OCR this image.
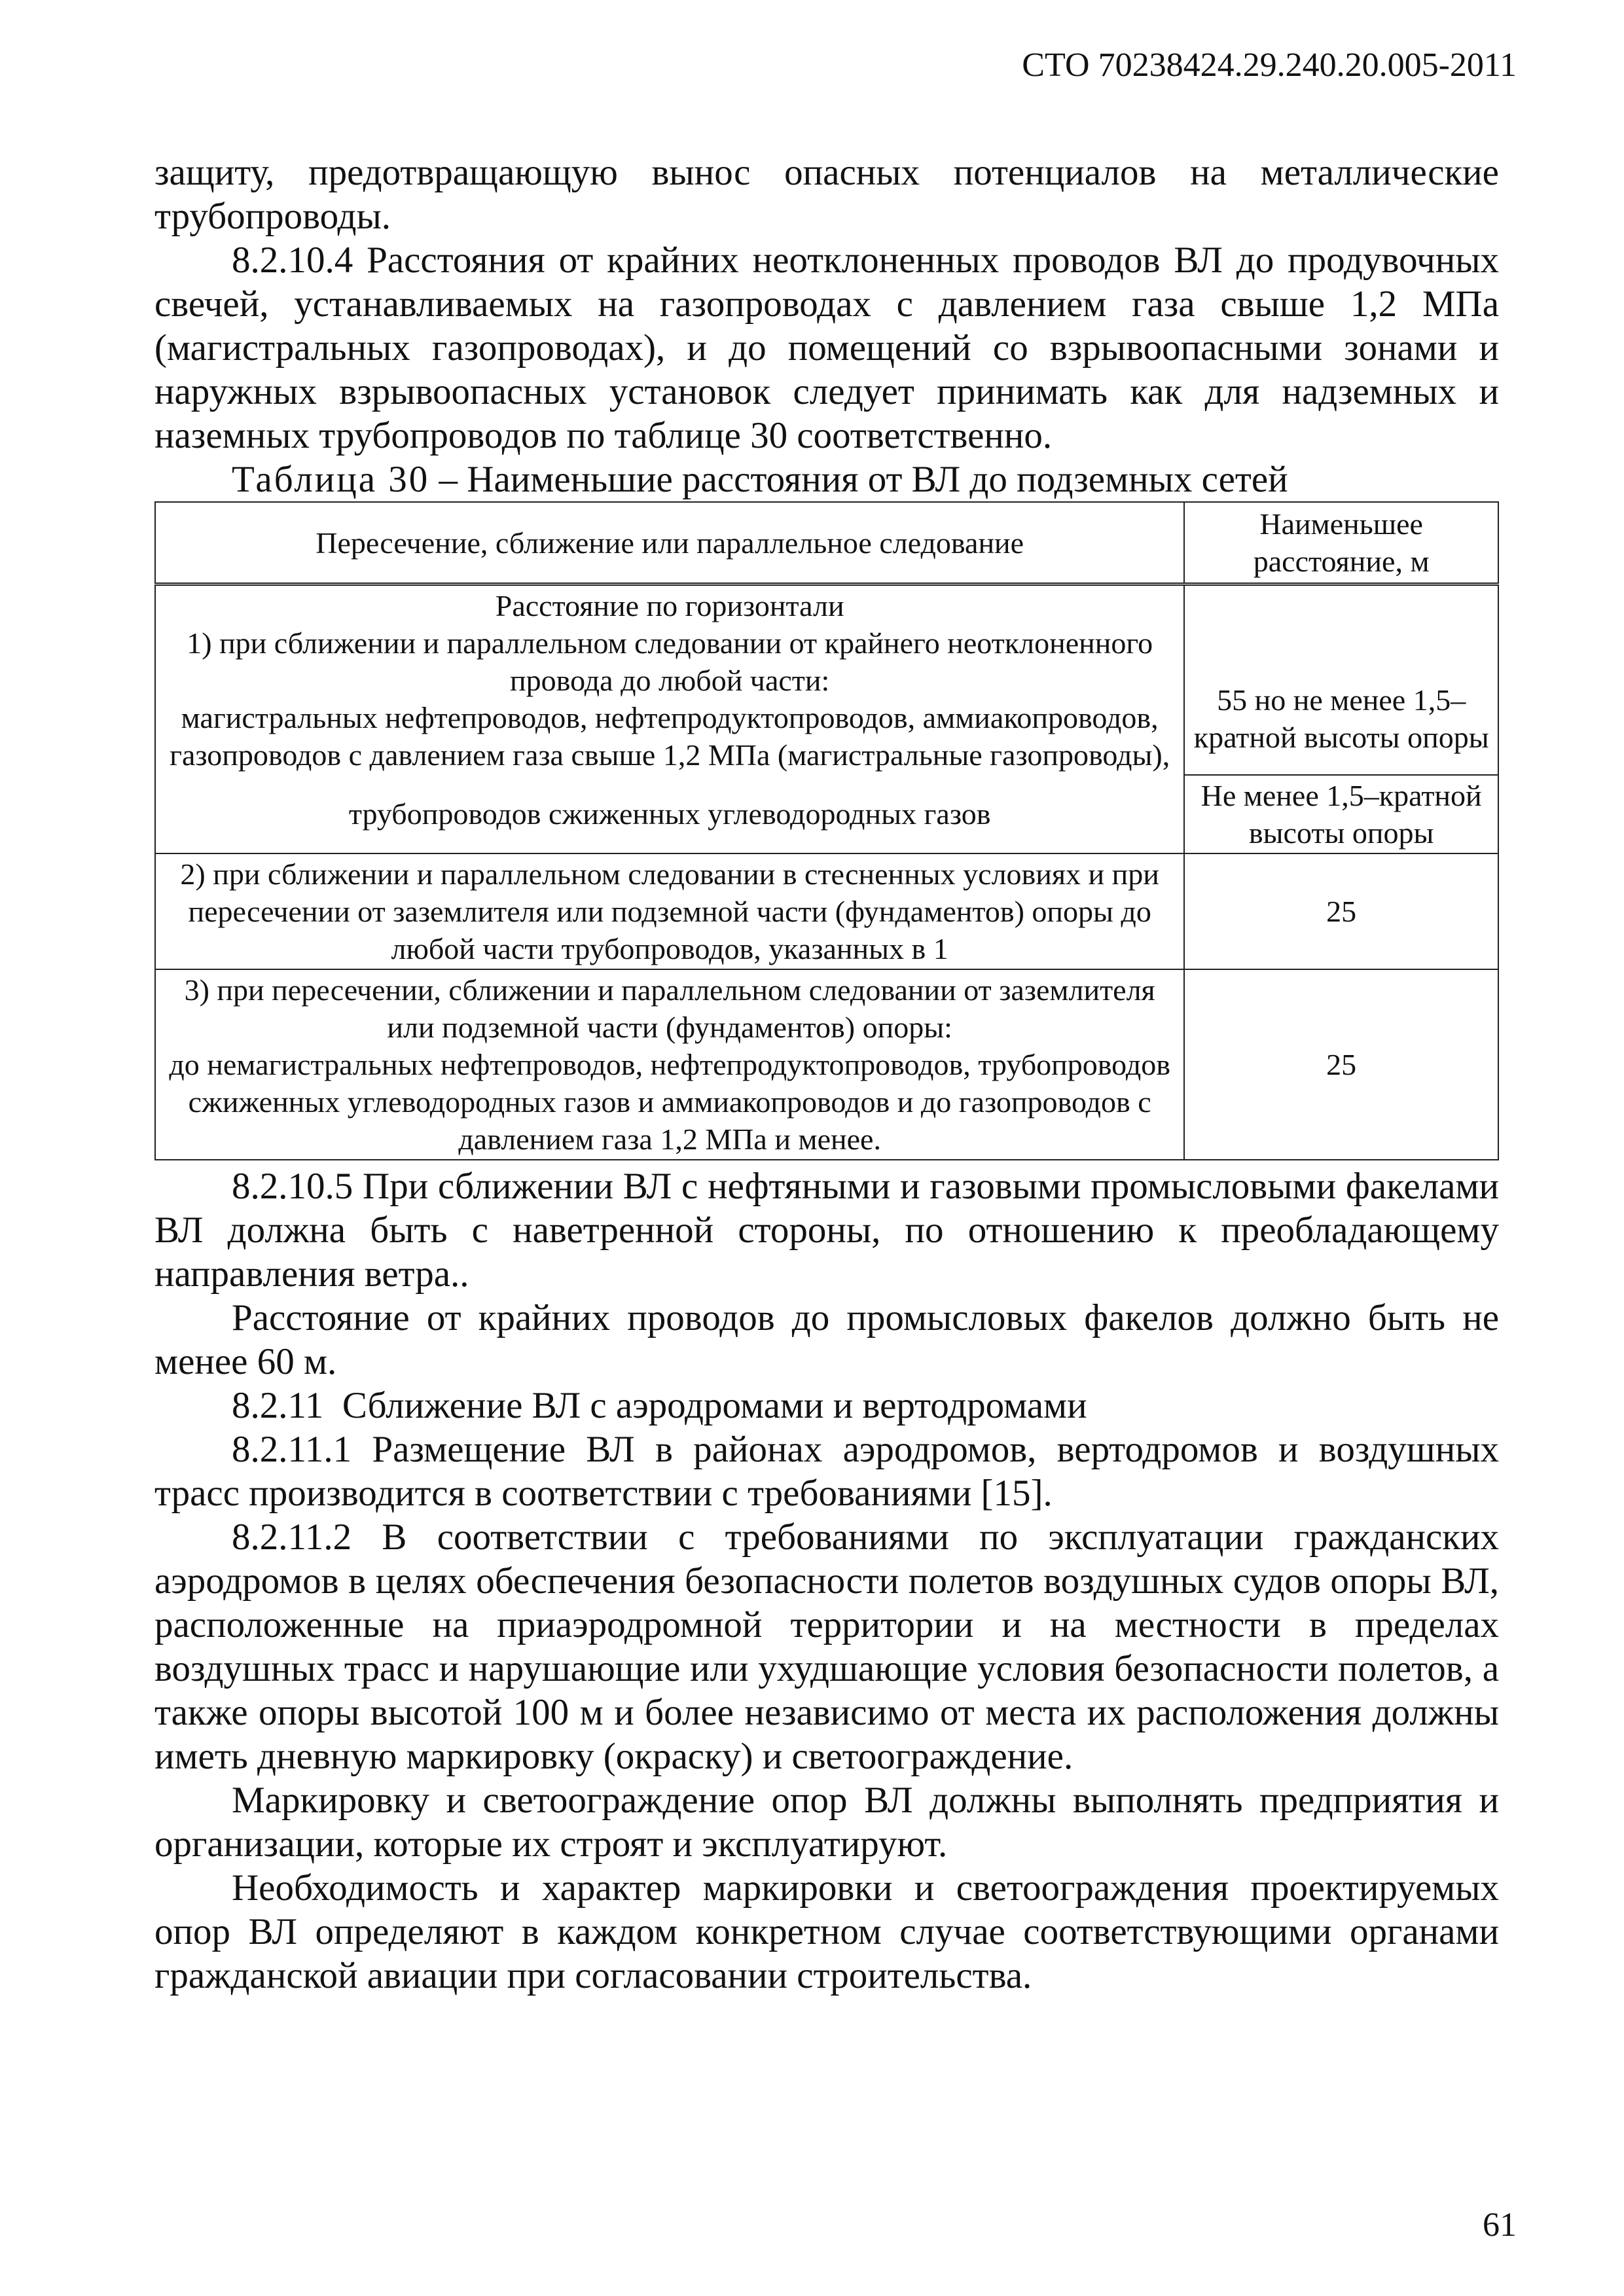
СТО 70238424.29.240.20.005-2011

защиту, предотвращающую вынос опасных потенциалов на металлические трубопроводы.

8.2.10.4 Расстояния от крайних неотклоненных проводов ВЛ до продувочных свечей, устанавливаемых на газопроводах с давлением газа свыше 1,2 МПа (магистральных газопроводах), и до помещений со взрывоопасными зонами и наружных взрывоопасных установок следует принимать как для надземных и наземных трубопроводов по таблице 30 соответственно.

Таблица 30 – Наименьшие расстояния от ВЛ до подземных сетей
Пересечение, сближение или параллельное следование	Наименьшее расстояние, м

Расстояние по горизонтали
1) при сближении и параллельном следовании от крайнего неотклоненного провода до любой части:
магистральных нефтепроводов, нефтепродуктопроводов, аммиакопроводов, газопроводов с давлением газа свыше 1,2 МПа (магистральные газопроводы),	55 но не менее 1,5–кратной высоты опоры
трубопроводов сжиженных углеводородных газов	Не менее 1,5–кратной высоты опоры
2) при сближении и параллельном следовании в стесненных условиях и при пересечении от заземлителя или подземной части (фундаментов) опоры до любой части трубопроводов, указанных в 1	25

3) при пересечении, сближении и параллельном следовании от заземлителя или подземной части (фундаментов) опоры:
до немагистральных нефтепроводов, нефтепродуктопроводов, трубопроводов сжиженных углеводородных газов и аммиакопроводов и до газопроводов с давлением газа 1,2 МПа и менее.	25

8.2.10.5 При сближении ВЛ с нефтяными и газовыми промысловыми факелами ВЛ должна быть с наветренной стороны, по отношению к преобладающему направления ветра..

Расстояние от крайних проводов до промысловых факелов должно быть не менее 60 м.

8.2.11  Сближение ВЛ с аэродромами и вертодромами

8.2.11.1 Размещение ВЛ в районах аэродромов, вертодромов и воздушных трасс производится в соответствии с требованиями [15].

8.2.11.2 В соответствии с требованиями по эксплуатации гражданских аэродромов в целях обеспечения безопасности полетов воздушных судов опоры ВЛ, расположенные на приаэродромной территории и на местности в пределах воздушных трасс и нарушающие или ухудшающие условия безопасности полетов, а также опоры высотой 100 м и более независимо от места их расположения должны иметь дневную маркировку (окраску) и светоограждение.

Маркировку и светоограждение опор ВЛ должны выполнять предприятия и организации, которые их строят и эксплуатируют.

Необходимость и характер маркировки и светоограждения проектируемых опор ВЛ определяют в каждом конкретном случае соответствующими органами гражданской авиации при согласовании строительства.

61
